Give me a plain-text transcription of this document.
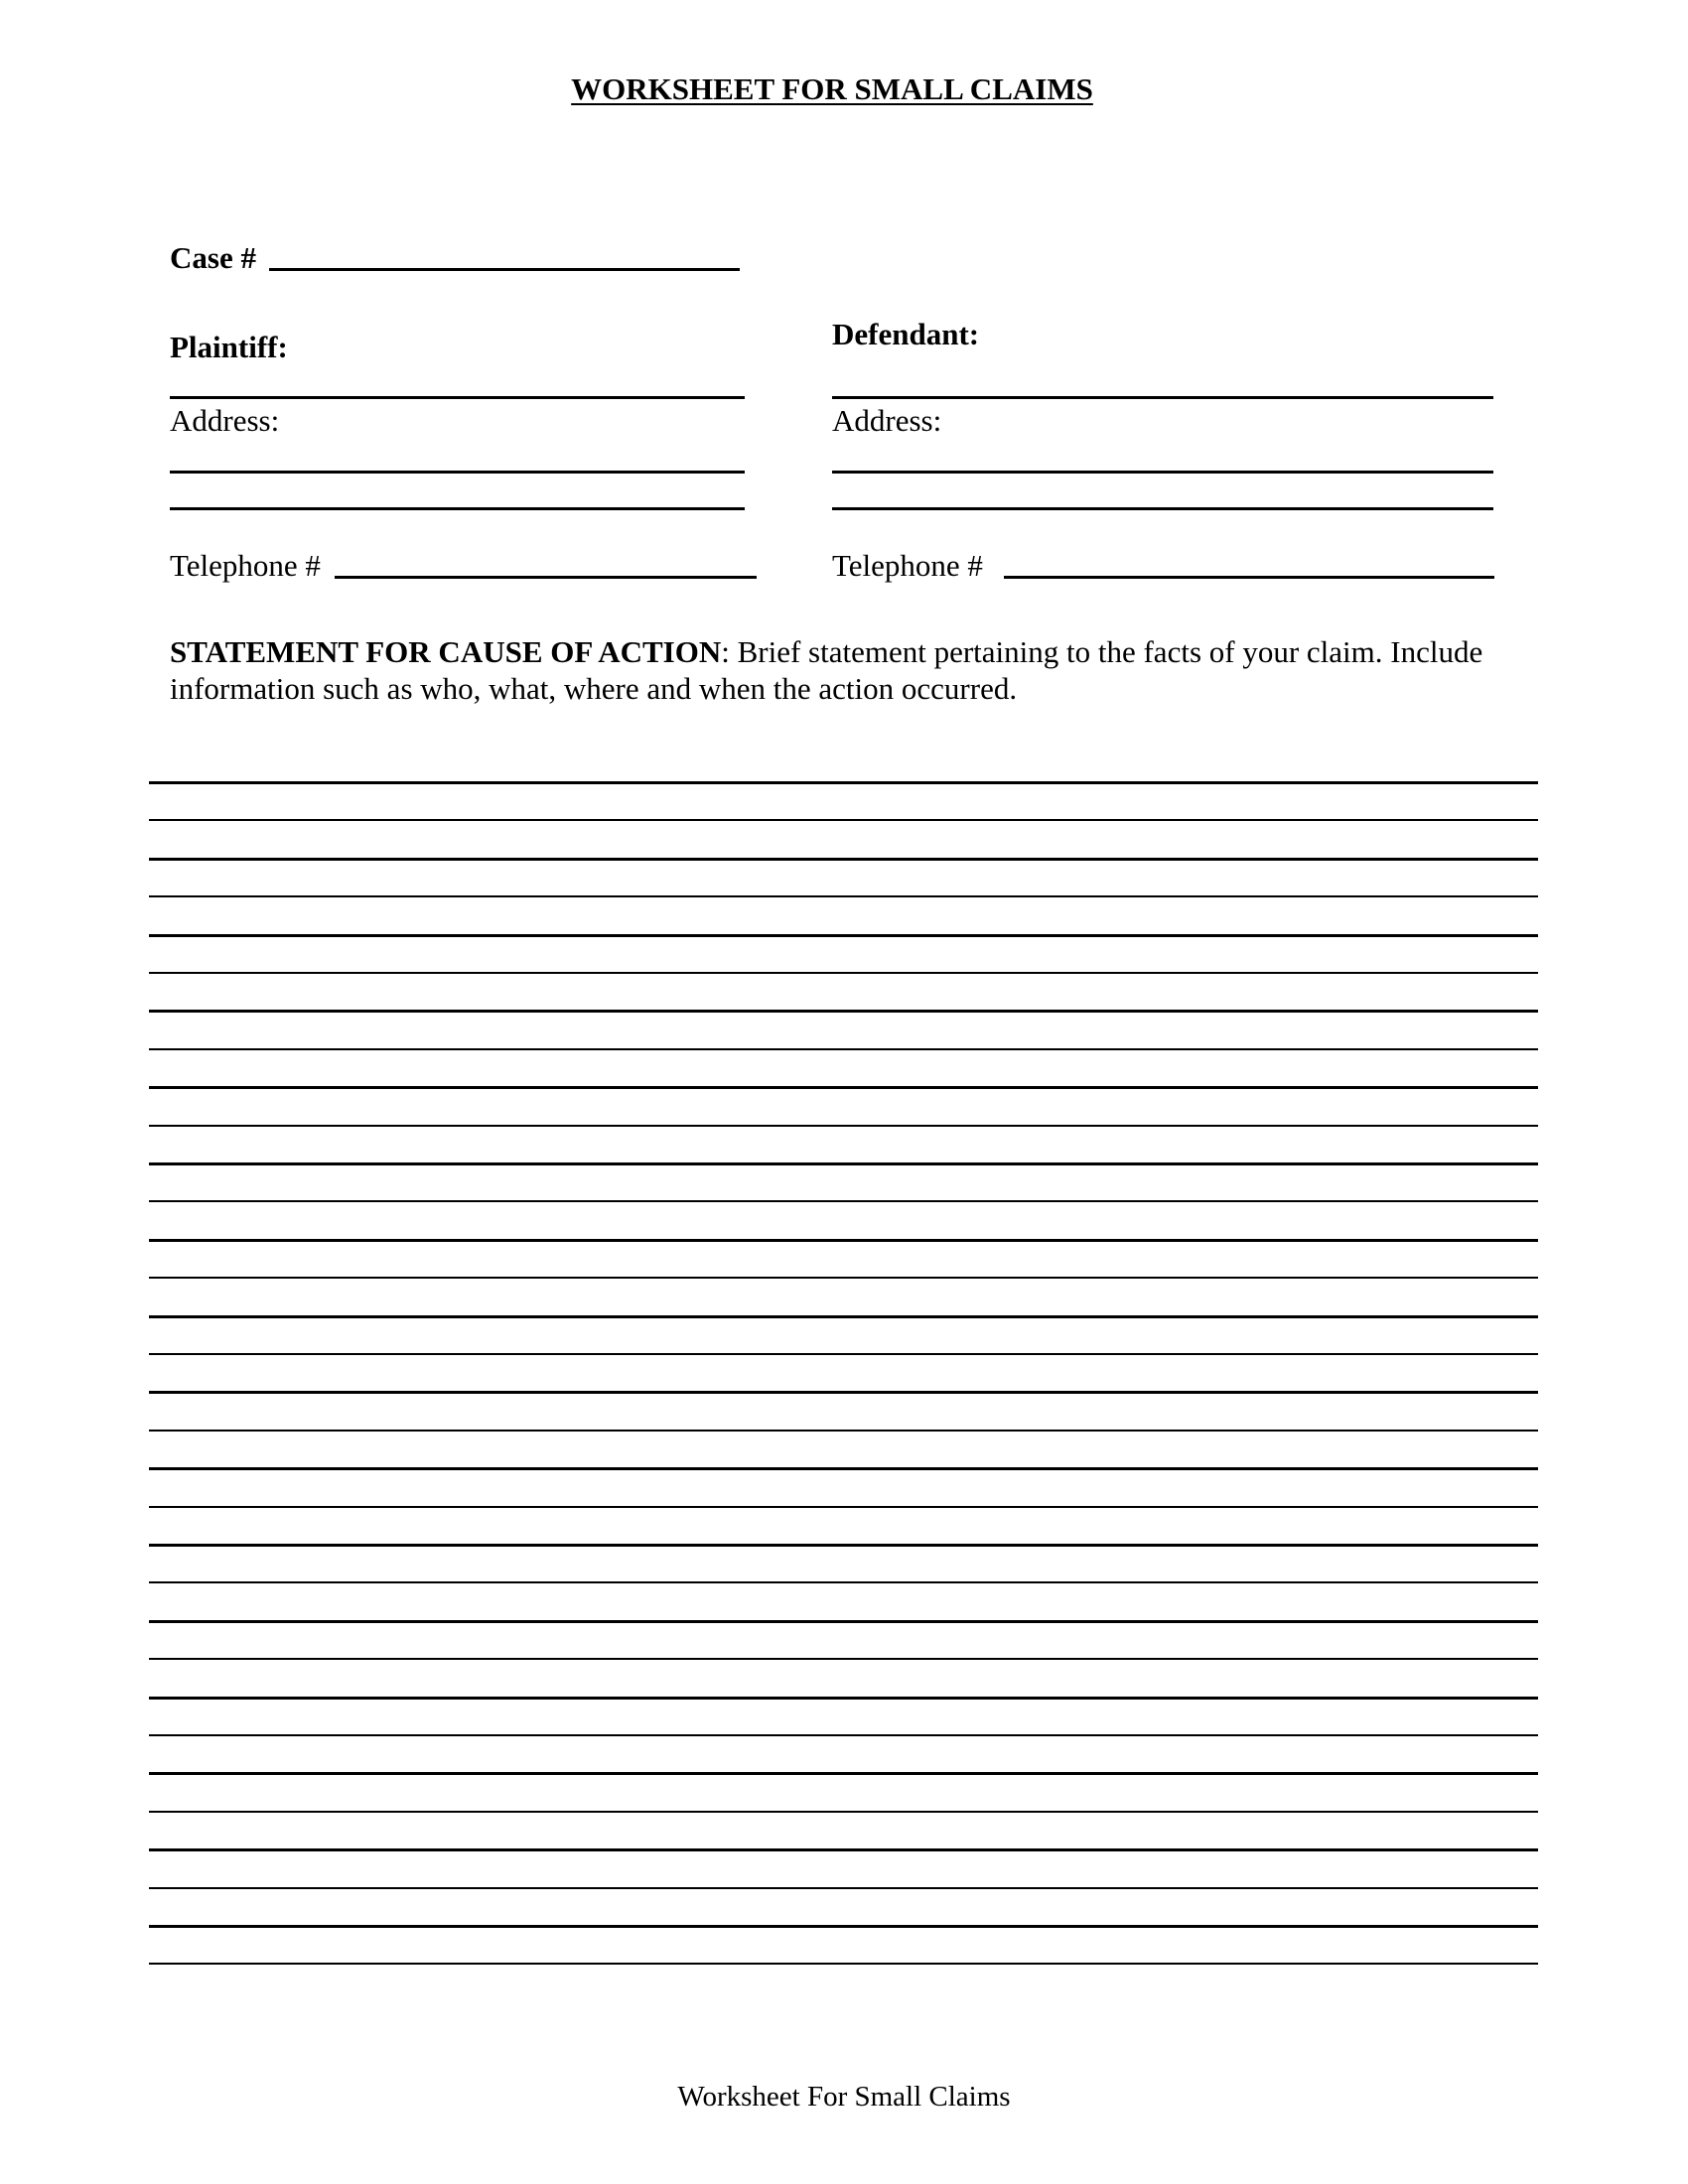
WORKSHEET FOR SMALL CLAIMS
Case #
Plaintiff:
Address:
Telephone #
Defendant:
Address:
Telephone #
STATEMENT FOR CAUSE OF ACTION: Brief statement pertaining to the facts of your claim. Include information such as who, what, where and when the action occurred.
Worksheet For Small Claims
